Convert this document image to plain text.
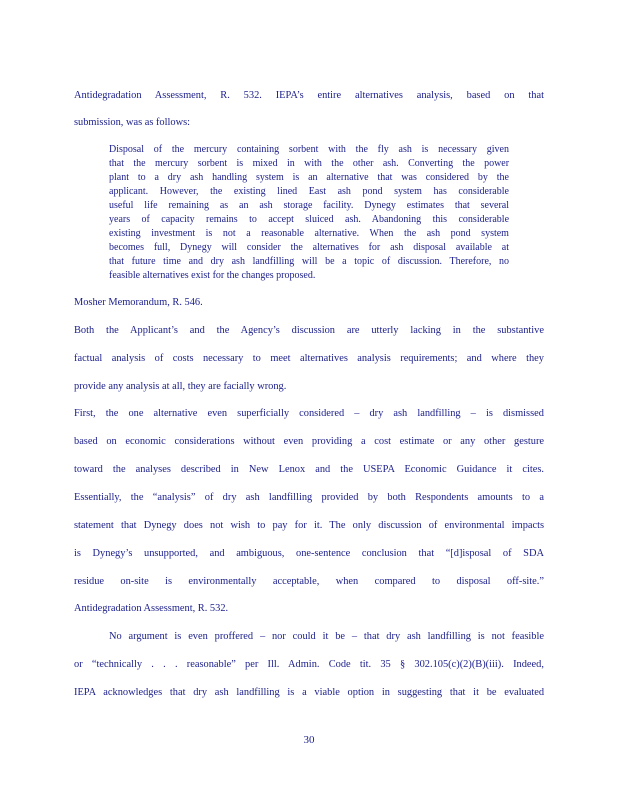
Antidegradation Assessment, R. 532. IEPA’s entire alternatives analysis, based on that
submission, was as follows:
Disposal of the mercury containing sorbent with the fly ash is necessary given
that the mercury sorbent is mixed in with the other ash. Converting the power
plant to a dry ash handling system is an alternative that was considered by the
applicant. However, the existing lined East ash pond system has considerable
useful life remaining as an ash storage facility. Dynegy estimates that several
years of capacity remains to accept sluiced ash. Abandoning this considerable
existing investment is not a reasonable alternative. When the ash pond system
becomes full, Dynegy will consider the alternatives for ash disposal available at
that future time and dry ash landfilling will be a topic of discussion. Therefore, no
feasible alternatives exist for the changes proposed.
Mosher Memorandum, R. 546.
Both the Applicant’s and the Agency’s discussion are utterly lacking in the substantive
factual analysis of costs necessary to meet alternatives analysis requirements; and where they
provide any analysis at all, they are facially wrong.
First, the one alternative even superficially considered – dry ash landfilling – is dismissed
based on economic considerations without even providing a cost estimate or any other gesture
toward the analyses described in New Lenox and the USEPA Economic Guidance it cites.
Essentially, the “analysis” of dry ash landfilling provided by both Respondents amounts to a
statement that Dynegy does not wish to pay for it. The only discussion of environmental impacts
is Dynegy’s unsupported, and ambiguous, one-sentence conclusion that “[d]isposal of SDA
residue on-site is environmentally acceptable, when compared to disposal off-site.”
Antidegradation Assessment, R. 532.
No argument is even proffered – nor could it be – that dry ash landfilling is not feasible
or “technically . . . reasonable” per Ill. Admin. Code tit. 35 § 302.105(c)(2)(B)(iii). Indeed,
IEPA acknowledges that dry ash landfilling is a viable option in suggesting that it be evaluated
30
